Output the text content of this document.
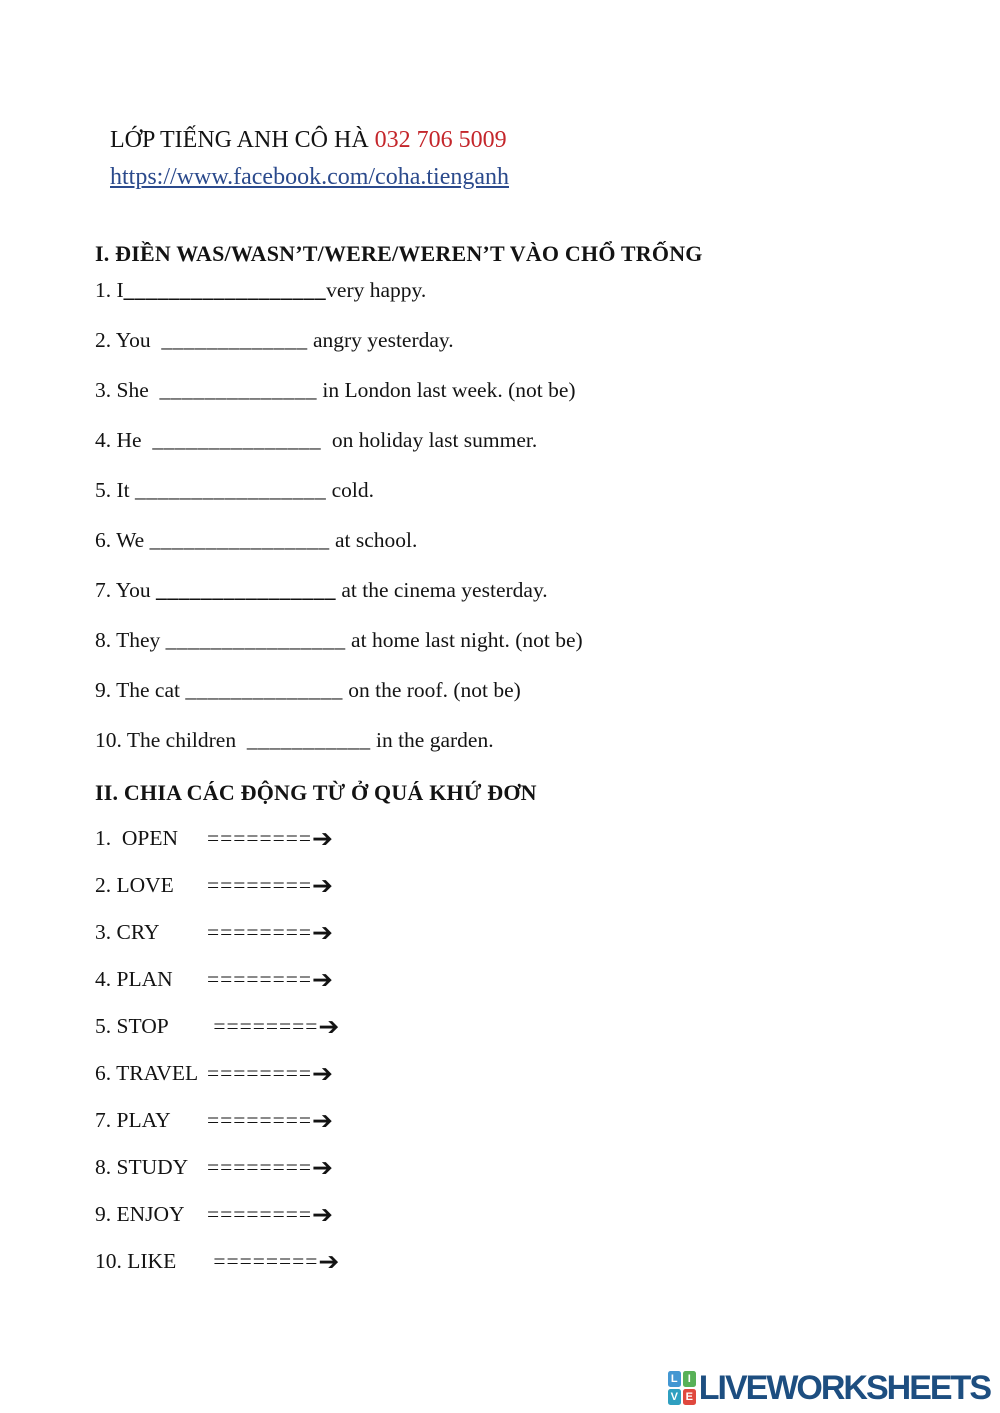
LỚP TIẾNG ANH CÔ HÀ 032 706 5009
https://www.facebook.com/coha.tienganh
I. ĐIỀN WAS/WASN’T/WERE/WEREN’T VÀO CHỔ TRỐNG
1. I__________________very happy.
2. You  _____________ angry yesterday.
3. She  ______________ in London last week. (not be)
4. He  _______________  on holiday last summer.
5. It _________________ cold.
6. We ________________ at school.
7. You ________________ at the cinema yesterday.
8. They ________________ at home last night. (not be)
9. The cat ______________ on the roof. (not be)
10. The children  ___________ in the garden.
II. CHIA CÁC ĐỘNG TỪ Ở QUÁ KHỨ ĐƠN
1.  OPEN ========➔
2. LOVE ========➔
3. CRY ========➔
4. PLAN ========➔
5. STOP ========➔
6. TRAVEL ========➔
7. PLAY ========➔
8. STUDY ========➔
9. ENJOY ========➔
10. LIKE ========➔
L I
V E LIVEWORKSHEETS
